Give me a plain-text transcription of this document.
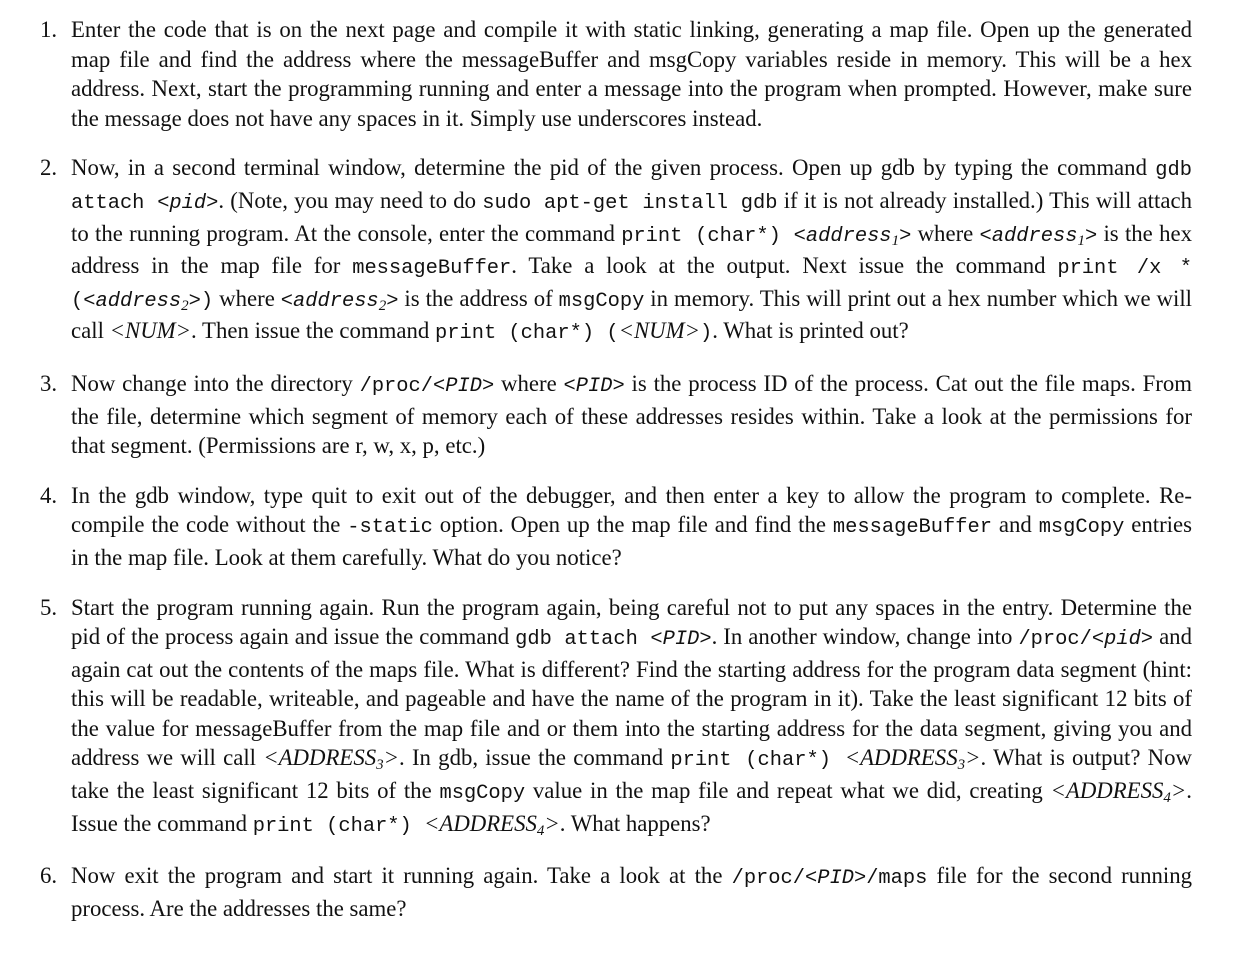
1. Enter the code that is on the next page and compile it with static linking, generating a map file. Open up the generated map file and find the address where the messageBuffer and msgCopy variables reside in memory. This will be a hex address. Next, start the programming running and enter a message into the program when prompted. However, make sure the message does not have any spaces in it. Simply use underscores instead.
2. Now, in a second terminal window, determine the pid of the given process. Open up gdb by typing the command gdb attach <pid>. (Note, you may need to do sudo apt-get install gdb if it is not already installed.) This will attach to the running program. At the console, enter the command print (char*) <address$_1$> where <address$_1$> is the hex address in the map file for messageBuffer. Take a look at the output. Next issue the command print /x *(<address$_2$>) where <address$_2$> is the address of msgCopy in memory. This will print out a hex number which we will call <NUM>. Then issue the command print (char*) (<NUM>). What is printed out?
3. Now change into the directory /proc/<PID> where <PID> is the process ID of the process. Cat out the file maps. From the file, determine which segment of memory each of these addresses resides within. Take a look at the permissions for that segment. (Permissions are r, w, x, p, etc.)
4. In the gdb window, type quit to exit out of the debugger, and then enter a key to allow the program to complete. Re-compile the code without the -static option. Open up the map file and find the messageBuffer and msgCopy entries in the map file. Look at them carefully. What do you notice?
5. Start the program running again. Run the program again, being careful not to put any spaces in the entry. Determine the pid of the process again and issue the command gdb attach <PID>. In another window, change into /proc/<pid> and again cat out the contents of the maps file. What is different? Find the starting address for the program data segment (hint: this will be readable, writeable, and pageable and have the name of the program in it). Take the least significant 12 bits of the value for messageBuffer from the map file and or them into the starting address for the data segment, giving you and address we will call $<ADDRESS_3>$. In gdb, issue the command print (char*) $<ADDRESS_3>$. What is output? Now take the least significant 12 bits of the msgCopy value in the map file and repeat what we did, creating $<ADDRESS_4>$. Issue the command print (char*) $<ADDRESS_4>$. What happens?
6. Now exit the program and start it running again. Take a look at the /proc/<PID>/maps file for the second running process. Are the addresses the same?
